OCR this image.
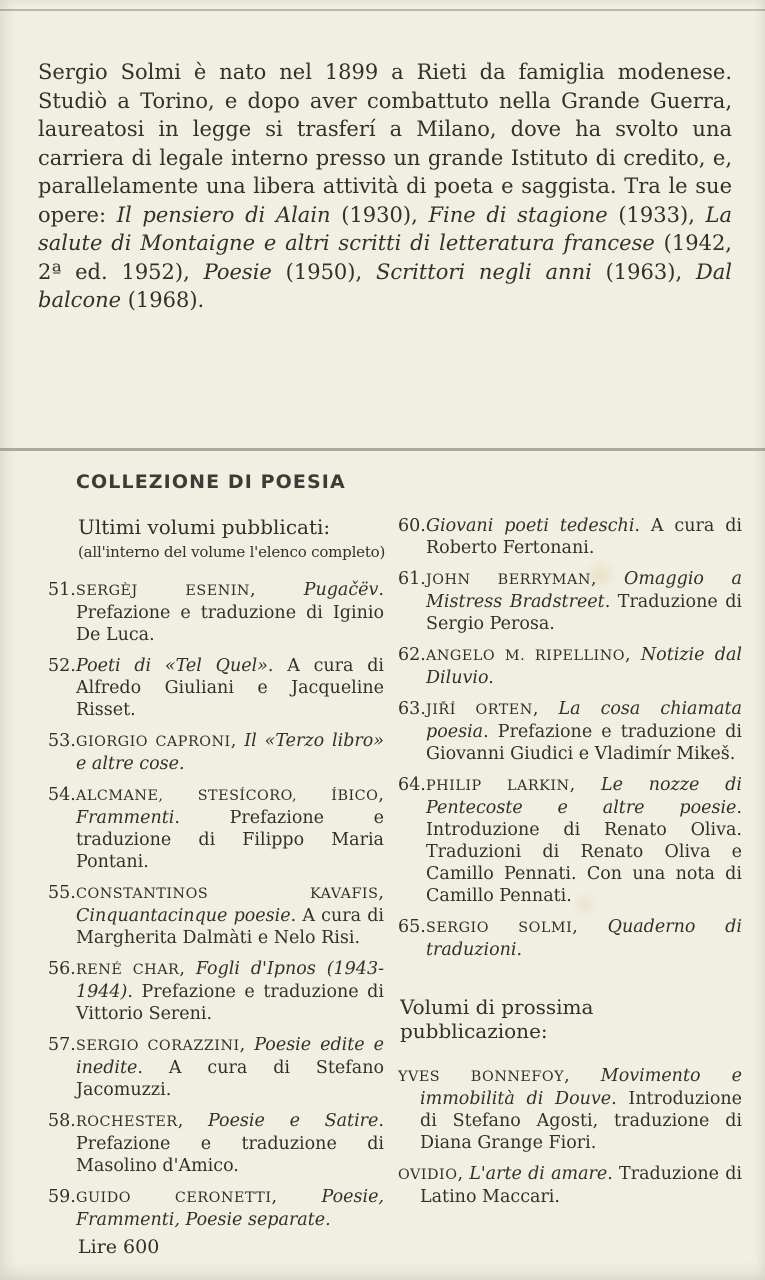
Sergio Solmi è nato nel 1899 a Rieti da famiglia modenese. Studiò a Torino, e dopo aver combattuto nella Grande Guerra, laureatosi in legge si trasferí a Milano, dove ha svolto una carriera di legale interno presso un grande Istituto di credito, e, parallelamente una libera attività di poeta e saggista. Tra le sue opere: Il pensiero di Alain (1930), Fine di stagione (1933), La salute di Montaigne e altri scritti di letteratura francese (1942, 2ª ed. 1952), Poesie (1950), Scrittori negli anni (1963), Dal balcone (1968).

COLLEZIONE DI POESIA
Ultimi volumi pubblicati:
(all'interno del volume l'elenco completo)
51.SERGÈJ ESENIN, Pugačëv. Prefazione e traduzione di Iginio De Luca.
52.Poeti di «Tel Quel». A cura di Alfredo Giuliani e Jacqueline Risset.
53.GIORGIO CAPRONI, Il «Terzo libro» e altre cose.
54.ALCMANE, STESÍCORO, ÍBICO, Frammenti. Prefazione e traduzione di Filippo Maria Pontani.
55.CONSTANTINOS KAVAFIS, Cinquantacinque poesie. A cura di Margherita Dalmàti e Nelo Risi.
56.RENÉ CHAR, Fogli d'Ipnos (1943-1944). Prefazione e traduzione di Vittorio Sereni.
57.SERGIO CORAZZINI, Poesie edite e inedite. A cura di Stefano Jacomuzzi.
58.ROCHESTER, Poesie e Satire. Prefazione e traduzione di Masolino d'Amico.
59.GUIDO CERONETTI, Poesie, Frammenti, Poesie separate.
60.Giovani poeti tedeschi. A cura di Roberto Fertonani.
61.JOHN BERRYMAN, Omaggio a Mistress Bradstreet. Traduzione di Sergio Perosa.
62.ANGELO M. RIPELLINO, Notizie dal Diluvio.
63.JIŘÍ ORTEN, La cosa chiamata poesia. Prefazione e traduzione di Giovanni Giudici e Vladimír Mikeš.
64.PHILIP LARKIN, Le nozze di Pentecoste e altre poesie. Introduzione di Renato Oliva. Traduzioni di Renato Oliva e Camillo Pennati. Con una nota di Camillo Pennati.
65.SERGIO SOLMI, Quaderno di traduzioni.
Volumi di prossima pubblicazione:
YVES BONNEFOY, Movimento e immobilità di Douve. Introduzione di Stefano Agosti, traduzione di Diana Grange Fiori.
OVIDIO, L'arte di amare. Traduzione di Latino Maccari.
Lire 600
